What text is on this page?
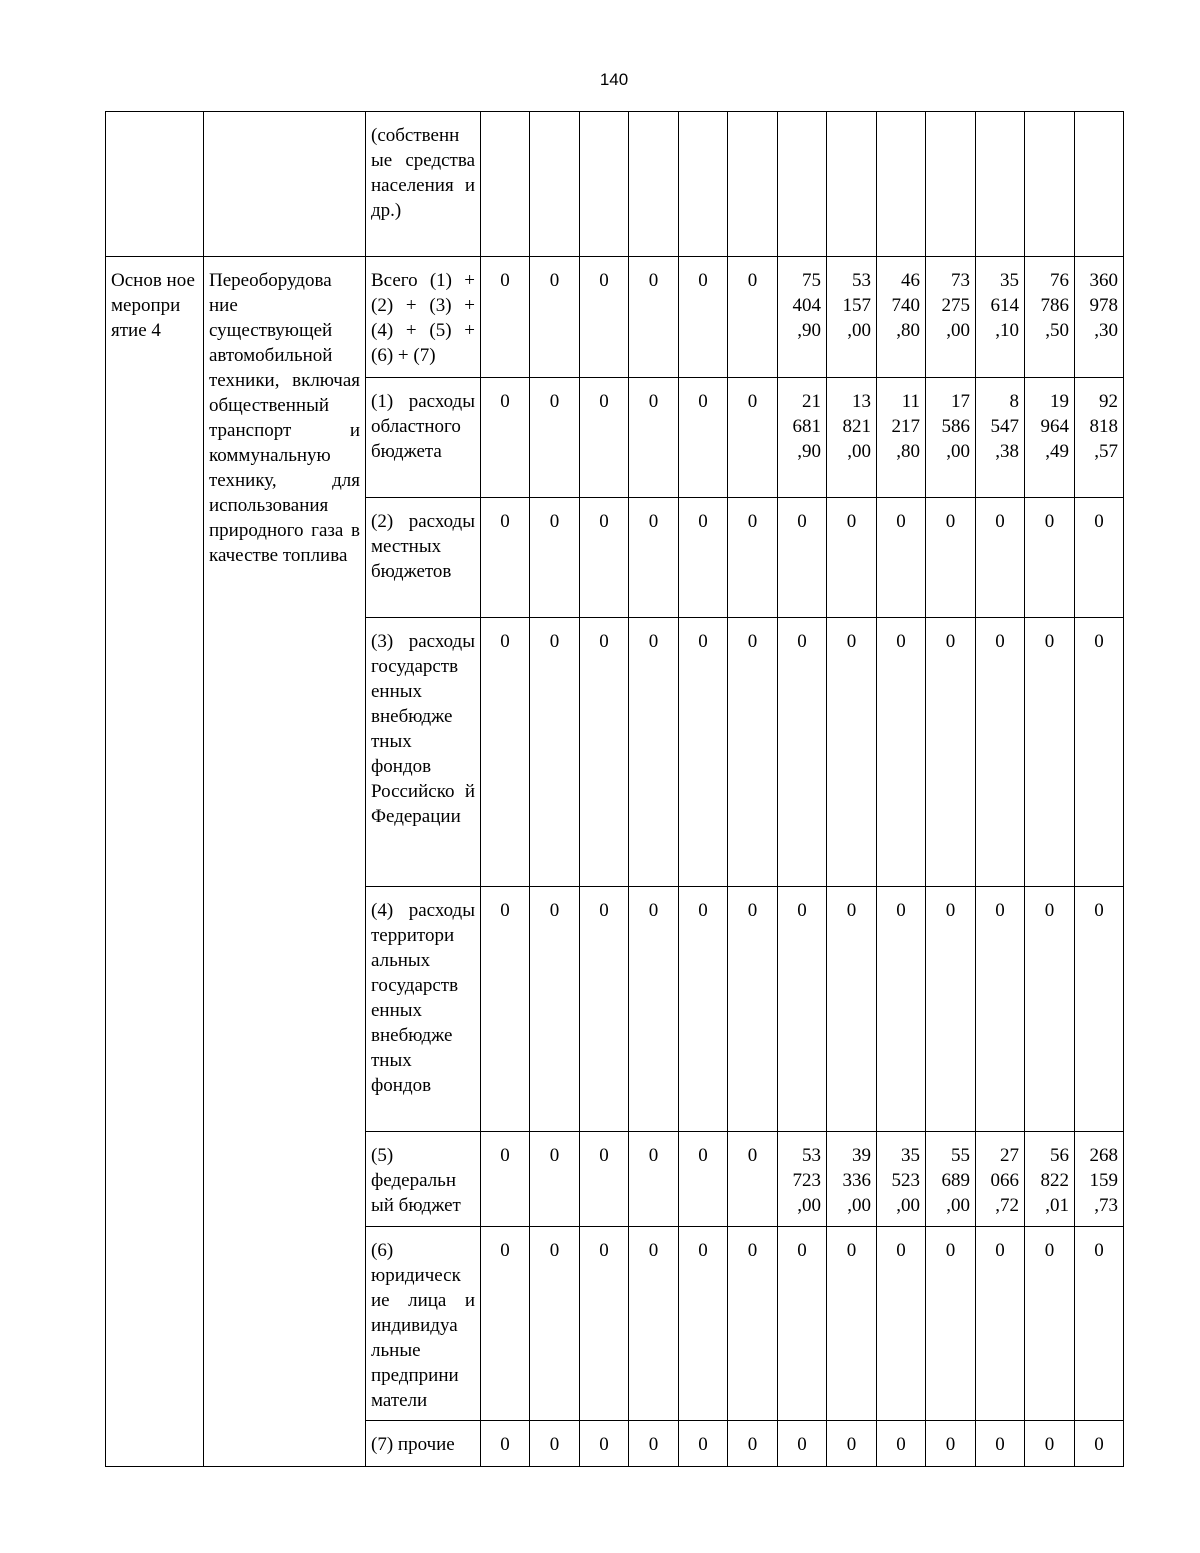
140
		(собственн ые средства населения и др.)													
Основ ное меропри ятие 4	Переоборудова ние существующей автомобильной техники, включая общественный транспорт и коммунальную технику, для использования природного газа в качестве топлива	Всего (1) + (2) + (3) + (4) + (5) + (6) + (7)	0	0	0	0	0	0	75
404
,90	53
157
,00	46
740
,80	73
275
,00	35
614
,10	76
786
,50	360
978
,30

		(1) расходы областного бюджета	0	0	0	0	0	0	21
681
,90	13
821
,00	11
217
,80	17
586
,00	8
547
,38	19
964
,49	92
818
,57

		(2) расходы местных бюджетов	0	0	0	0	0	0	0	0	0	0	0	0	0

		(3) расходы государств енных внебюдже тных фондов Российско й Федерации	0	0	0	0	0	0	0	0	0	0	0	0	0

		(4) расходы территори альных государств енных внебюдже тных фондов	0	0	0	0	0	0	0	0	0	0	0	0	0

		(5) федеральн ый бюджет	0	0	0	0	0	0	53
723
,00	39
336
,00	35
523
,00	55
689
,00	27
066
,72	56
822
,01	268
159
,73

		(6) юридическ ие лица и индивидуа льные предприни матели	0	0	0	0	0	0	0	0	0	0	0	0	0

		(7) прочие	0	0	0	0	0	0	0	0	0	0	0	0	0
